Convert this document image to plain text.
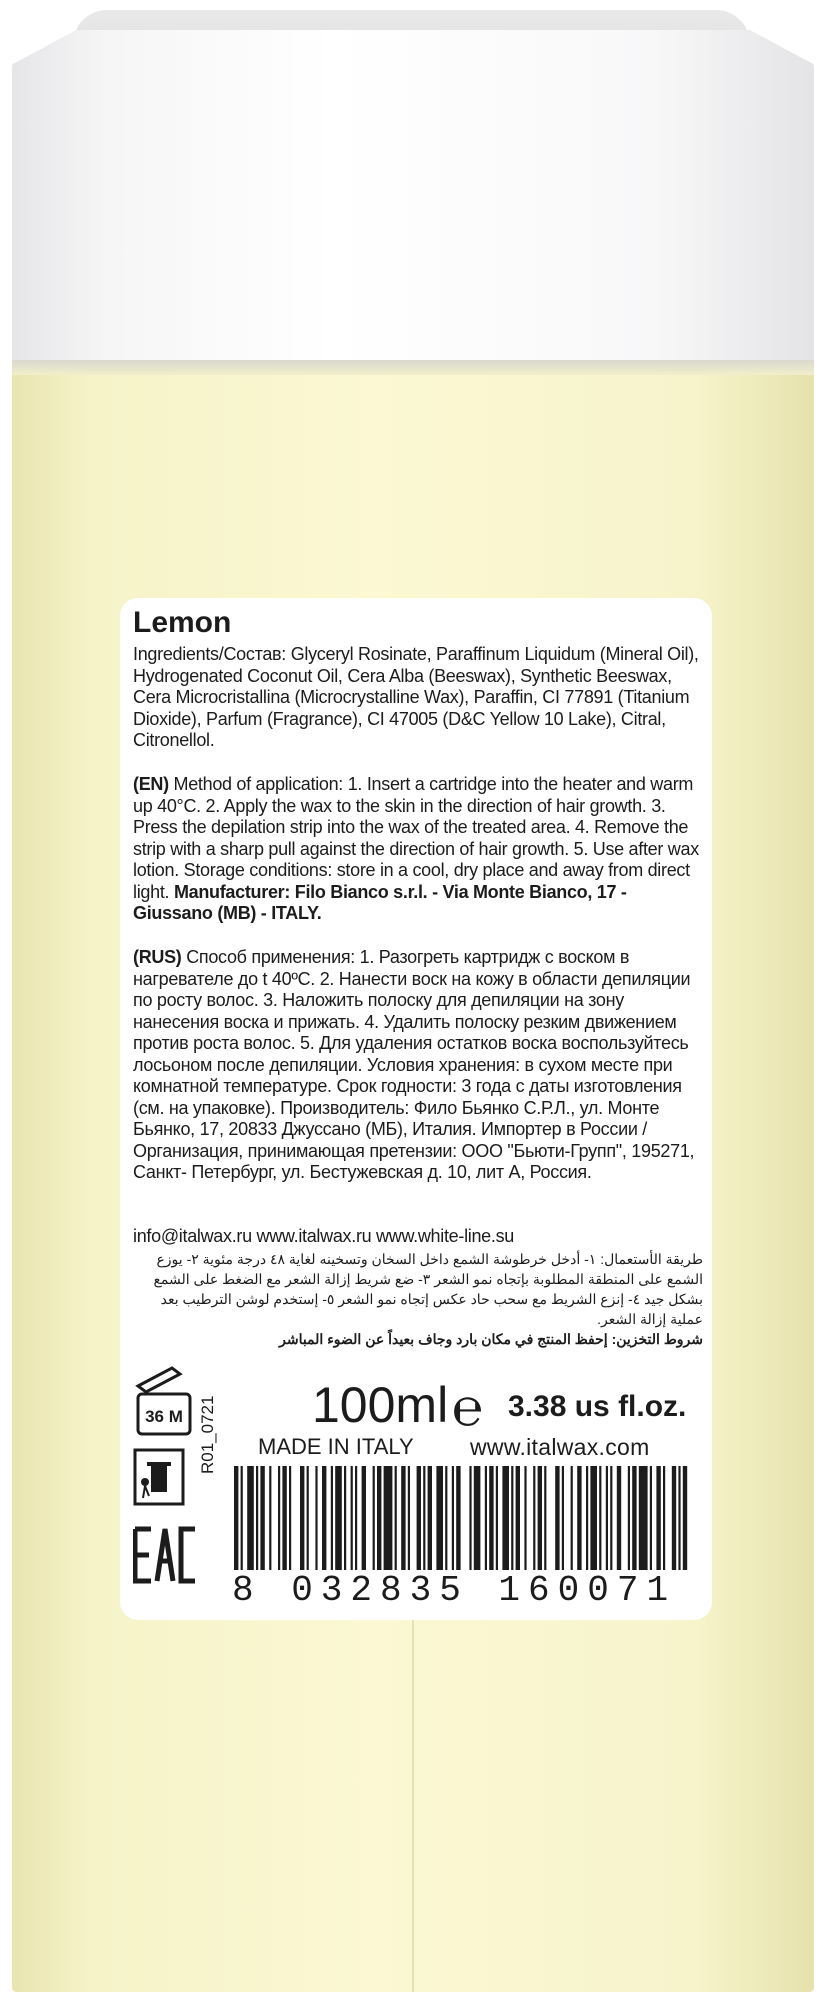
Lemon
Ingredients/Состав: Glyceryl Rosinate, Paraffinum Liquidum (Mineral Oil), Hydrogenated Coconut Oil, Cera Alba (Beeswax), Synthetic Beeswax, Cera Microcristallina (Microcrystalline Wax), Paraffin, CI 77891 (Titanium Dioxide), Parfum (Fragrance), CI 47005 (D&C Yellow 10 Lake), Citral, Citronellol.
(EN) Method of application: 1. Insert a cartridge into the heater and warm up 40°C. 2. Apply the wax to the skin in the direction of hair growth. 3. Press the depilation strip into the wax of the treated area. 4. Remove the strip with a sharp pull against the direction of hair growth. 5. Use after wax lotion. Storage conditions: store in a cool, dry place and away from direct light. Manufacturer: Filo Bianco s.r.l. - Via Monte Bianco, 17 - Giussano (MB) - ITALY.
(RUS) Способ применения: 1. Разогреть картридж с воском в нагревателе до t 40ºС. 2. Нанести воск на кожу в области депиляции по росту волос. 3. Наложить полоску для депиляции на зону нанесения воска и прижать. 4. Удалить полоску резким движением против роста волос. 5. Для удаления остатков воска воспользуйтесь лосьоном после депиляции. Условия хранения: в сухом месте при комнатной температуре. Срок годности: 3 года с даты изготовления (см. на упаковке). Производитель: Фило Бьянко С.Р.Л., ул. Монте Бьянко, 17, 20833 Джуссано (МБ), Италия. Импортер в России / Организация, принимающая претензии: ООО "Бьюти-Групп", 195271, Санкт- Петербург, ул. Бестужевская д. 10, лит А, Россия.
info@italwax.ru www.italwax.ru www.white-line.su
طريقة الأستعمال: ١- أدخل خرطوشة الشمع داخل السخان وتسخينه لغاية ٤٨ درجة مئوية ٢- يوزع الشمع على المنطقة المطلوبة بإتجاه نمو الشعر ٣- ضع شريط إزالة الشعر مع الضغط على الشمع بشكل جيد ٤- إنزع الشريط مع سحب حاد عكس إتجاه نمو الشعر ٥- إستخدم لوشن الترطيب بعد عملية إزالة الشعر.
شروط التخزين: إحفظ المنتج في مكان بارد وجاف بعيداً عن الضوء المباشر
100ml ℮ 3.38 us fl.oz.
MADE IN ITALY www.italwax.com
R01_0721
36 M
8 032835 160071
